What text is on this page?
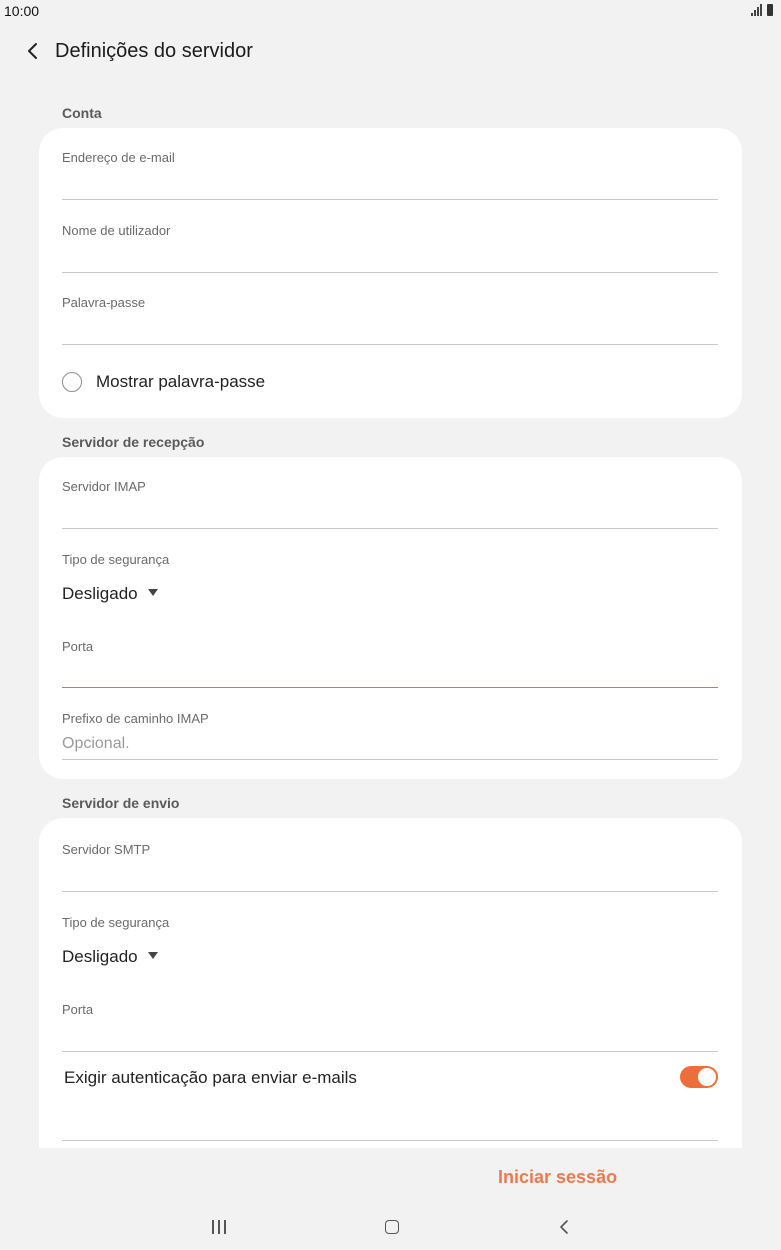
10:00
Definições do servidor
Conta
Endereço de e-mail
Nome de utilizador
Palavra-passe
Mostrar palavra-passe
Servidor de recepção
Servidor IMAP
Tipo de segurança
Desligado
Porta
Prefixo de caminho IMAP
Opcional.
Servidor de envio
Servidor SMTP
Tipo de segurança
Desligado
Porta
Exigir autenticação para enviar e-mails
Iniciar sessão
